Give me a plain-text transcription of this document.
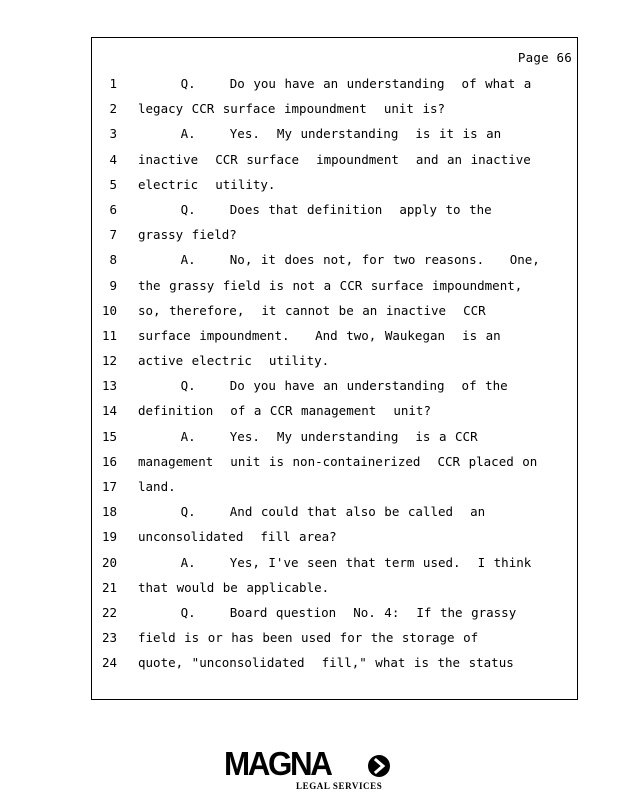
Page 66
1 Q.    Do you have an understanding  of what a
2 legacy CCR surface impoundment  unit is?
3 A.    Yes.  My understanding  is it is an
4 inactive  CCR surface  impoundment  and an inactive
5 electric  utility.
6 Q.    Does that definition  apply to the
7 grassy field?
8 A.    No, it does not, for two reasons.   One,
9 the grassy field is not a CCR surface impoundment,
10 so, therefore,  it cannot be an inactive  CCR
11 surface impoundment.   And two, Waukegan  is an
12 active electric  utility.
13 Q.    Do you have an understanding  of the
14 definition  of a CCR management  unit?
15 A.    Yes.  My understanding  is a CCR
16 management  unit is non-containerized  CCR placed on
17 land.
18 Q.    And could that also be called  an
19 unconsolidated  fill area?
20 A.    Yes, I've seen that term used.  I think
21 that would be applicable.
22 Q.    Board question  No. 4:  If the grassy
23 field is or has been used for the storage of
24 quote, "unconsolidated  fill," what is the status
MAGNA
LEGAL SERVICES
